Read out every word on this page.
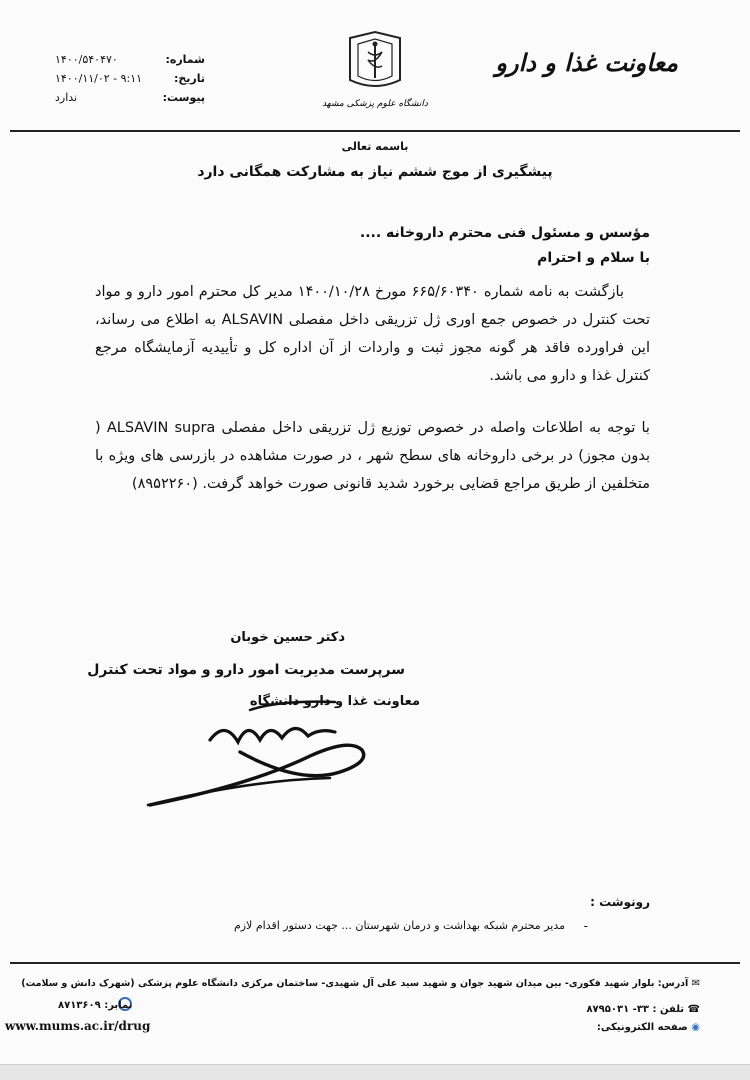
معاونت غذا و دارو
دانشگاه علوم پزشکی مشهد
شماره:
۱۴۰۰/۵۴۰۴۷۰
تاریخ:
۱۴۰۰/۱۱/۰۲ - ۹:۱۱
پیوست:
ندارد
باسمه تعالی
پیشگیری از موج ششم نیاز به مشارکت همگانی دارد
مؤسس و مسئول فنی محترم داروخانه ....
با سلام و احترام
بازگشت به نامه شماره ۶۶۵/۶۰۳۴۰ مورخ ۱۴۰۰/۱۰/۲۸ مدیر کل محترم امور دارو و مواد تحت کنترل در خصوص جمع اوری ژل تزریقی داخل مفصلی ALSAVIN به اطلاع می رساند، این فراورده فاقد هر گونه مجوز ثبت و واردات از آن اداره کل و تأییدیه آزمایشگاه مرجع کنترل غذا و دارو می باشد.
با توجه به اطلاعات واصله در خصوص توزیع ژل تزریقی داخل مفصلی ALSAVIN supra ( بدون مجوز) در برخی داروخانه های سطح شهر ، در صورت مشاهده در بازرسی های ویژه با متخلفین از طریق مراجع قضایی برخورد شدید قانونی صورت خواهد گرفت. (۸۹۵۲۲۶۰)
دکتر حسین خوبان
سرپرست مدیریت امور دارو و مواد تحت کنترل
معاونت غذا و دارو دانشگاه
رونوشت :
-
مدیر محترم شبکه بهداشت و درمان شهرستان ... جهت دستور اقدام لازم
✉ آدرس: بلوار شهید فکوری- بین میدان شهید جوان و شهید سید علی آل شهیدی- ساختمان مرکزی دانشگاه علوم پزشکی (شهرک دانش و سلامت)
☎ تلفن : ۳۳- ۸۷۹۵۰۳۱
◉ صفحه الکترونیکی:
نمابر: ۸۷۱۳۶۰۹
www.mums.ac.ir/drug
